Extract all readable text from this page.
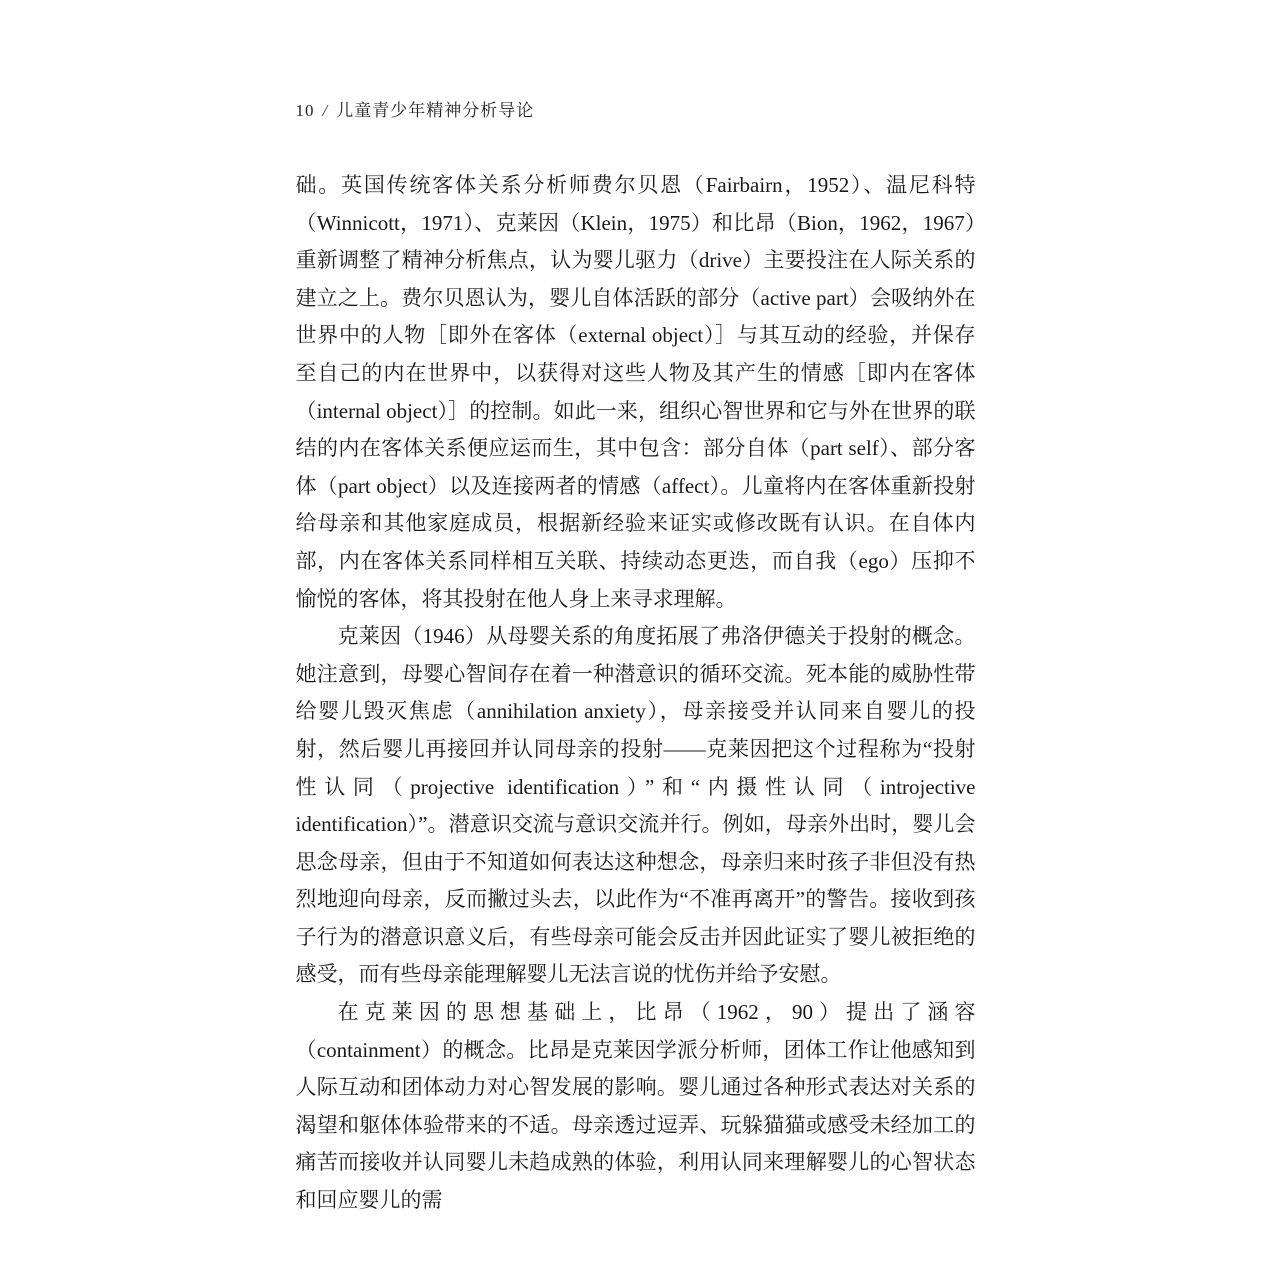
10 / 儿童青少年精神分析导论

础。英国传统客体关系分析师费尔贝恩（Fairbairn，1952）、温尼科特（Winnicott，1971）、克莱因（Klein，1975）和比昂（Bion，1962，1967）重新调整了精神分析焦点，认为婴儿驱力（drive）主要投注在人际关系的建立之上。费尔贝恩认为，婴儿自体活跃的部分（active part）会吸纳外在世界中的人物［即外在客体（external object）］与其互动的经验，并保存至自己的内在世界中，以获得对这些人物及其产生的情感［即内在客体（internal object）］的控制。如此一来，组织心智世界和它与外在世界的联结的内在客体关系便应运而生，其中包含：部分自体（part self）、部分客体（part object）以及连接两者的情感（affect）。儿童将内在客体重新投射给母亲和其他家庭成员，根据新经验来证实或修改既有认识。在自体内部，内在客体关系同样相互关联、持续动态更迭，而自我（ego）压抑不愉悦的客体，将其投射在他人身上来寻求理解。

克莱因（1946）从母婴关系的角度拓展了弗洛伊德关于投射的概念。她注意到，母婴心智间存在着一种潜意识的循环交流。死本能的威胁性带给婴儿毁灭焦虑（annihilation anxiety），母亲接受并认同来自婴儿的投射，然后婴儿再接回并认同母亲的投射——克莱因把这个过程称为“投射性认同（projective identification）”和“内摄性认同（introjective identification）”。潜意识交流与意识交流并行。例如，母亲外出时，婴儿会思念母亲，但由于不知道如何表达这种想念，母亲归来时孩子非但没有热烈地迎向母亲，反而撇过头去，以此作为“不准再离开”的警告。接收到孩子行为的潜意识意义后，有些母亲可能会反击并因此证实了婴儿被拒绝的感受，而有些母亲能理解婴儿无法言说的忧伤并给予安慰。

在克莱因的思想基础上，比昂（1962，90）提出了涵容（containment）的概念。比昂是克莱因学派分析师，团体工作让他感知到人际互动和团体动力对心智发展的影响。婴儿通过各种形式表达对关系的渴望和躯体体验带来的不适。母亲透过逗弄、玩躲猫猫或感受未经加工的痛苦而接收并认同婴儿未趋成熟的体验，利用认同来理解婴儿的心智状态和回应婴儿的需
